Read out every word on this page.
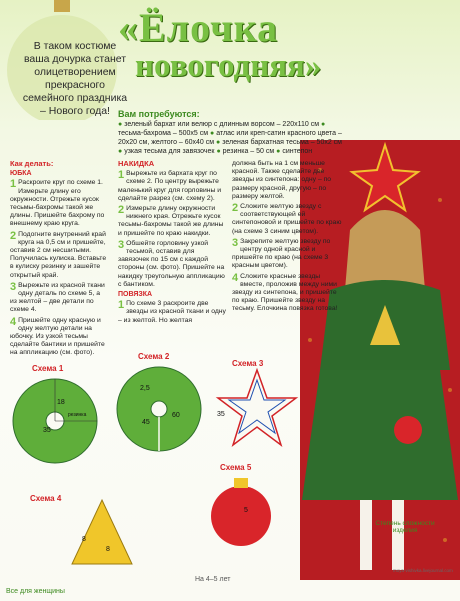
«Ёлочка
новогодняя»
В таком костюме ваша дочурка станет олицетворением прекрасного семейного праздника – Нового года! Вам потребуются:
● зеленый бархат или велюр с длинным ворсом – 220х110 см ● тесьма-бахрома – 500х5 см ● атлас или креп-сатин красного цвета – 20х20 см, желтого – 60х40 см ● зеленая бархатная тесьма – 50х2 см ● узкая тесьма для завязочек ● резинка – 50 см ● синтепон
Как делать:
ЮБКА
1 Раскроите круг по схеме 1. Измерьте длину его окружности. Отрежьте кусок тесьмы-бахромы такой же длины. Пришейте бахрому по внешнему краю круга.
2 Подогните внутренний край круга на 0,5 см и пришейте, оставив 2 см несшитыми. Получилась кулиска. Вставьте в кулиску резинку и зашейте открытый край.
3 Вырежьте из красной ткани одну деталь по схеме 5, а из желтой – две детали по схеме 4.
4 Пришейте одну красную и одну желтую детали на юбочку. Из узкой тесьмы сделайте бантики и пришейте на аппликацию (см. фото).
НАКИДКА
1 Вырежьте из бархата круг по схеме 2. По центру вырежьте маленький круг для горловины и сделайте разрез (см. схему 2).
2 Измерьте длину окружности нижнего края. Отрежьте кусок тесьмы-бахромы такой же длины и пришейте по краю накидки.
3 Обшейте горловину узкой тесьмой, оставив для завязочек по 15 см с каждой стороны (см. фото). Пришейте на накидку треугольную аппликацию с бантиком.
ПОВЯЗКА
1 По схеме 3 раскроите две звезды из красной ткани и одну – из желтой. Но желтая
должна быть на 1 см меньше красной. Также сделайте две звезды из синтепона: одну – по размеру красной, другую – по размеру желтой.
2 Сложите желтую звезду с соответствующей ей синтепоновой и пришейте по краю (на схеме 3 синим цветом).
3 Закрепите желтую звезду по центру одной красной и пришейте по краю (на схеме 3 красным цветом).
4 Сложите красные звезды вместе, проложив между ними звезду из синтепона, и пришейте по краю. Пришейте звезду на тесьму. Елочкина повязка готова!
Схема 1
35
18
резинка
Схема 2
2,5
45
60
Схема 3
35
Схема 4
8
8
Схема 5
5
Степень сложности изделия
На 4–5 лет
Все для женщины
moya-vishivka.livejournal.com
